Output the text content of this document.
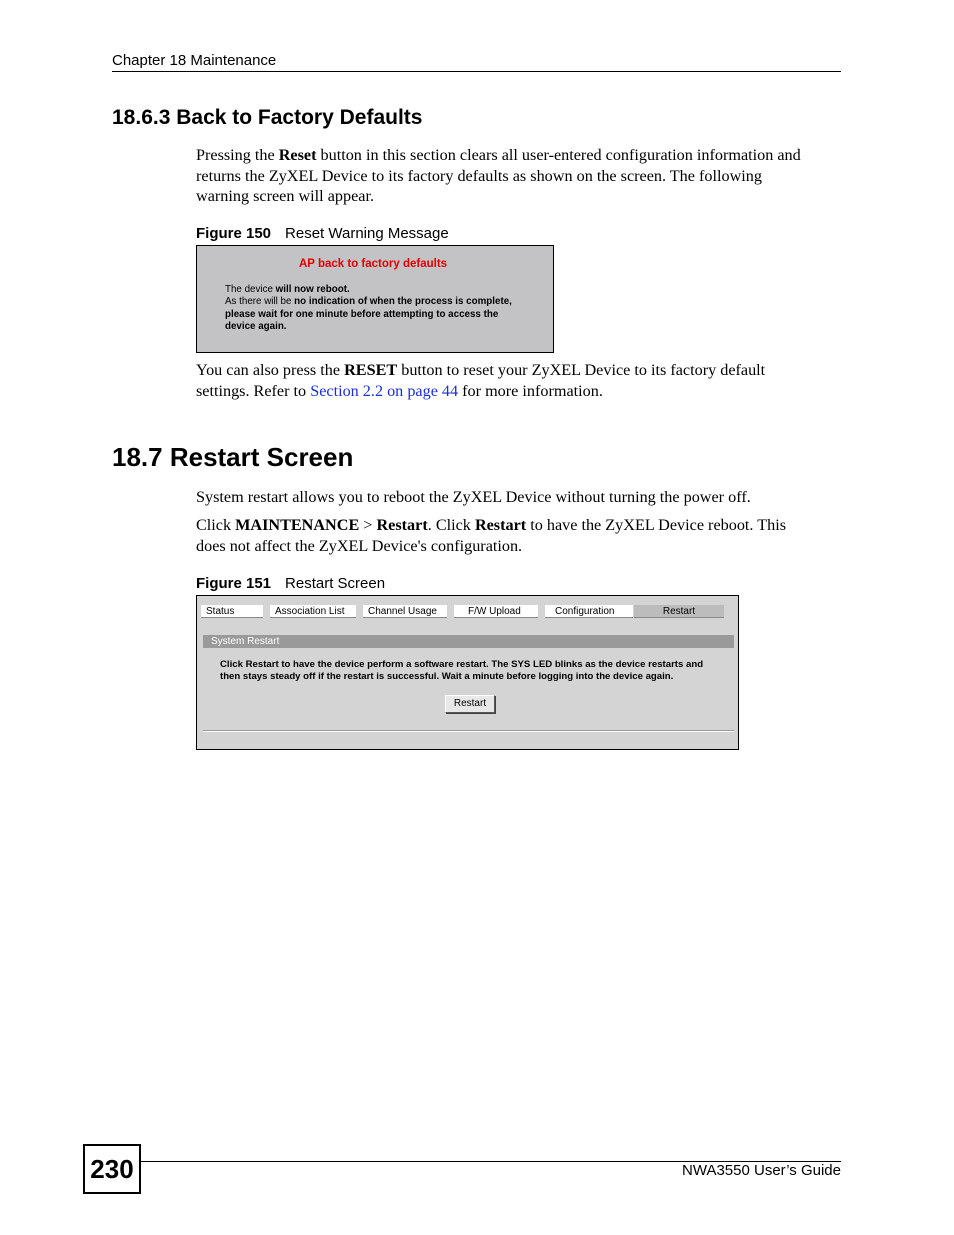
Chapter 18 Maintenance
18.6.3 Back to Factory Defaults
Pressing the Reset button in this section clears all user-entered configuration information and
returns the ZyXEL Device to its factory defaults as shown on the screen. The following
warning screen will appear.
Figure 150 Reset Warning Message
AP back to factory defaults
The device will now reboot.
As there will be no indication of when the process is complete,
please wait for one minute before attempting to access the
device again.
You can also press the RESET button to reset your ZyXEL Device to its factory default
settings. Refer to Section 2.2 on page 44 for more information.
18.7 Restart Screen
System restart allows you to reboot the ZyXEL Device without turning the power off.
Click MAINTENANCE > Restart. Click Restart to have the ZyXEL Device reboot. This
does not affect the ZyXEL Device's configuration.
Figure 151 Restart Screen
Status	Association List	Channel Usage	F/W Upload	Configuration	Restart
System Restart
Click Restart to have the device perform a software restart. The SYS LED blinks as the device restarts and
then stays steady off if the restart is successful. Wait a minute before logging into the device again.
Restart
230	NWA3550 User’s Guide
